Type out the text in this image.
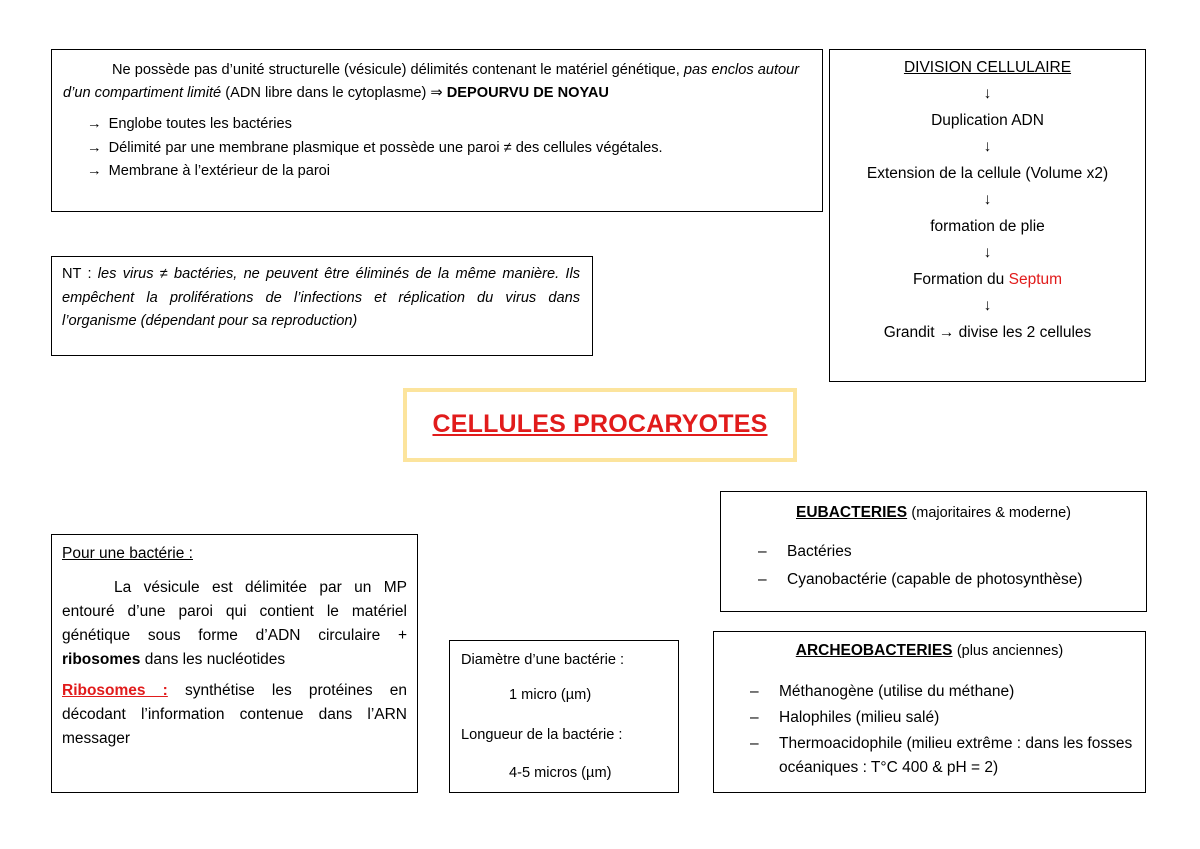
Ne possède pas d’unité structurelle (vésicule) délimités contenant le matériel génétique, pas enclos autour d’un compartiment limité (ADN libre dans le cytoplasme) ⇒ DEPOURVU DE NOYAU
→ Englobe toutes les bactéries
→ Délimité par une membrane plasmique et possède une paroi ≠ des cellules végétales.
→ Membrane à l’extérieur de la paroi
NT : les virus ≠ bactéries, ne peuvent être éliminés de la même manière. Ils empêchent la proliférations de l’infections et réplication du virus dans l’organisme (dépendant pour sa reproduction)
DIVISION CELLULAIRE
↓
Duplication ADN
↓
Extension de la cellule (Volume x2)
↓
formation de plie
↓
Formation du Septum
↓
Grandit → divise les 2 cellules
CELLULES PROCARYOTES
Pour une bactérie :
La vésicule est délimitée par un MP entouré d’une paroi qui contient le matériel génétique sous forme d’ADN circulaire + ribosomes dans les nucléotides
Ribosomes : synthétise les protéines en décodant l’information contenue dans l’ARN messager
Diamètre d’une bactérie :
1 micro (µm)
Longueur de la bactérie :
4-5 micros (µm)
EUBACTERIES (majoritaires & moderne)
– Bactéries
– Cyanobactérie (capable de photosynthèse)
ARCHEOBACTERIES (plus anciennes)
– Méthanogène (utilise du méthane)
– Halophiles (milieu salé)
– Thermoacidophile (milieu extrême : dans les fosses océaniques : T°C 400 & pH = 2)
